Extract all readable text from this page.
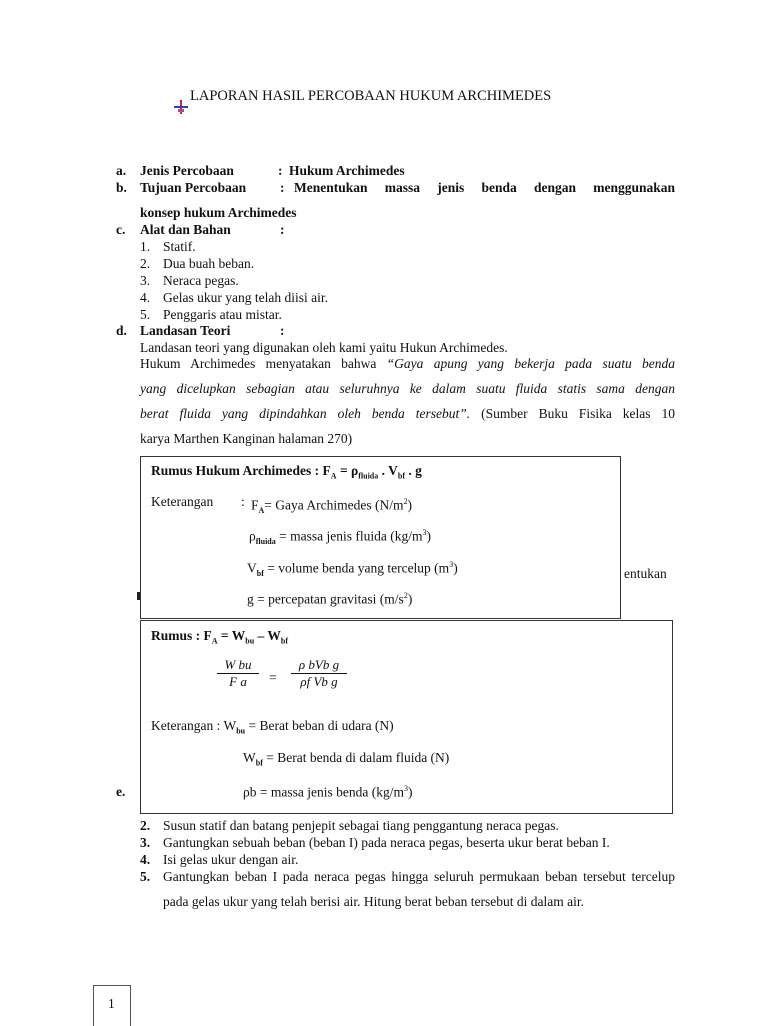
LAPORAN HASIL PERCOBAAN HUKUM ARCHIMEDES
a. Jenis Percobaan	: Hukum Archimedes
b. Tujuan Percobaan	: Menentukan massa jenis benda dengan menggunakan
konsep hukum Archimedes
c. Alat dan Bahan	:
1. Statif.
2. Dua buah beban.
3. Neraca pegas.
4. Gelas ukur yang telah diisi air.
5. Penggaris atau mistar.
d. Landasan Teori	:
Landasan teori yang digunakan oleh kami yaitu Hukun Archimedes.
Hukum Archimedes menyatakan bahwa “Gaya apung yang bekerja pada suatu benda
yang dicelupkan sebagian atau seluruhnya ke dalam suatu fluida statis sama dengan
berat fluida yang dipindahkan oleh benda tersebut”. (Sumber Buku Fisika kelas 10
karya Marthen Kanginan halaman 270)
entukan
Rumus Hukum Archimedes : $F_A = \rho_{fluida}$ . $V_{bf}$ . g
Keterangan : $F_A=$ Gaya Archimedes $(N/m^2)$
$\rho_{fluida}$ = massa jenis fluida $(kg/m^3)$
$V_{bf}$ = volume benda yang tercelup $(m^3)$
g = percepatan gravitasi $(m/s^2)$
e.
Rumus : $F_A = W_{bu} - W_{bf}$
$\frac{\text{W bu}}{\text{F a}}$ =
ρ bVb g
ρf Vb g
Keterangan : $W_{bu}$ = Berat beban di udara (N)
$W_{bf}$ = Berat benda di dalam fluida (N)
ρb = massa jenis benda $(kg/m^3)$
2. Susun statif dan batang penjepit sebagai tiang penggantung neraca pegas.
3. Gantungkan sebuah beban (beban I) pada neraca pegas, beserta ukur berat beban I.
4. Isi gelas ukur dengan air.
5. Gantungkan beban I pada neraca pegas hingga seluruh permukaan beban tersebut tercelup pada gelas ukur yang telah berisi air. Hitung berat beban tersebut di dalam air.
1
